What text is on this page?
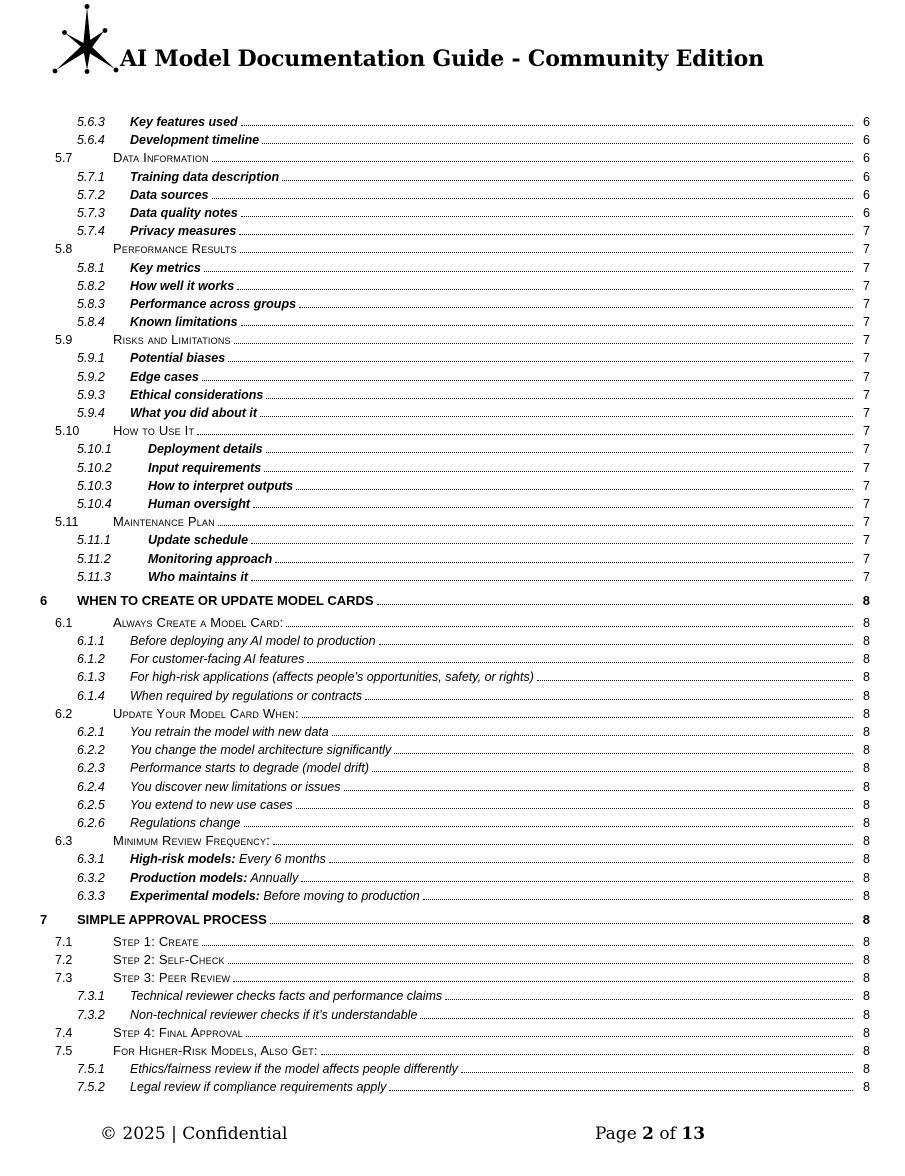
AI Model Documentation Guide - Community Edition
5.6.3	Key features used	6
5.6.4	Development timeline	6
5.7	Data Information	6
5.7.1	Training data description	6
5.7.2	Data sources	6
5.7.3	Data quality notes	6
5.7.4	Privacy measures	7
5.8	Performance Results	7
5.8.1	Key metrics	7
5.8.2	How well it works	7
5.8.3	Performance across groups	7
5.8.4	Known limitations	7
5.9	Risks and Limitations	7
5.9.1	Potential biases	7
5.9.2	Edge cases	7
5.9.3	Ethical considerations	7
5.9.4	What you did about it	7
5.10	How to Use It	7
5.10.1	Deployment details	7
5.10.2	Input requirements	7
5.10.3	How to interpret outputs	7
5.10.4	Human oversight	7
5.11	Maintenance Plan	7
5.11.1	Update schedule	7
5.11.2	Monitoring approach	7
5.11.3	Who maintains it	7
6	WHEN TO CREATE OR UPDATE MODEL CARDS	8
6.1	Always Create a Model Card:	8
6.1.1	Before deploying any AI model to production	8
6.1.2	For customer-facing AI features	8
6.1.3	For high-risk applications (affects people’s opportunities, safety, or rights)	8
6.1.4	When required by regulations or contracts	8
6.2	Update Your Model Card When:	8
6.2.1	You retrain the model with new data	8
6.2.2	You change the model architecture significantly	8
6.2.3	Performance starts to degrade (model drift)	8
6.2.4	You discover new limitations or issues	8
6.2.5	You extend to new use cases	8
6.2.6	Regulations change	8
6.3	Minimum Review Frequency:	8
6.3.1	High-risk models: Every 6 months	8
6.3.2	Production models: Annually	8
6.3.3	Experimental models: Before moving to production	8
7	SIMPLE APPROVAL PROCESS	8
7.1	Step 1: Create	8
7.2	Step 2: Self-Check	8
7.3	Step 3: Peer Review	8
7.3.1	Technical reviewer checks facts and performance claims	8
7.3.2	Non-technical reviewer checks if it’s understandable	8
7.4	Step 4: Final Approval	8
7.5	For Higher-Risk Models, Also Get:	8
7.5.1	Ethics/fairness review if the model affects people differently	8
7.5.2	Legal review if compliance requirements apply	8
© 2025 | Confidential	Page 2 of 13
